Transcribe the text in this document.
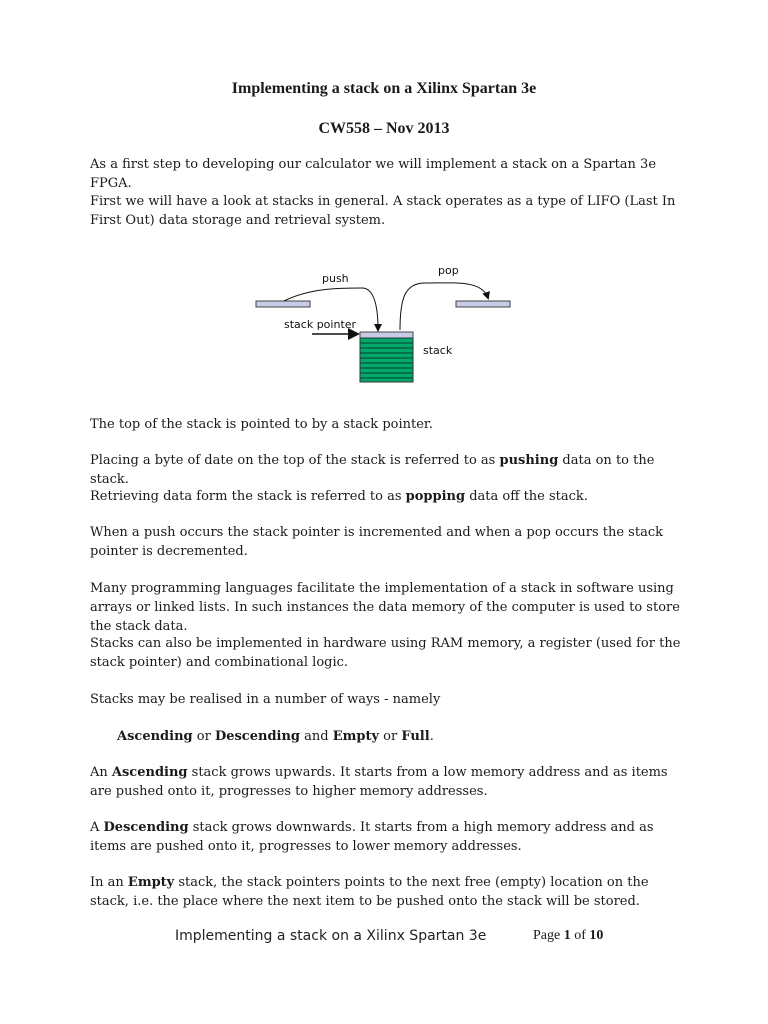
Implementing a stack on a Xilinx Spartan 3e
CW558 – Nov 2013

As a first step to developing our calculator we will implement a stack on a Spartan 3e FPGA.

First we will have a look at stacks in general. A stack operates as a type of LIFO (Last In First Out) data storage and retrieval system.

push
pop
stack pointer
stack

The top of the stack is pointed to by a stack pointer.

Placing a byte of date on the top of the stack is referred to as pushing data on to the stack.

Retrieving data form the stack is referred to as popping data off the stack.

When a push occurs the stack pointer is incremented and when a pop occurs the stack pointer is decremented.

Many programming languages facilitate the implementation of a stack in software using arrays or linked lists. In such instances the data memory of the computer is used to store the stack data.

Stacks can also be implemented in hardware using RAM memory, a register (used for the stack pointer) and combinational logic.

Stacks may be realised in a number of ways - namely

Ascending or Descending and Empty or Full.

An Ascending stack grows upwards. It starts from a low memory address and as items are pushed onto it, progresses to higher memory addresses.

A Descending stack grows downwards. It starts from a high memory address and as items are pushed onto it, progresses to lower memory addresses.

In an Empty stack, the stack pointers points to the next free (empty) location on the stack, i.e. the place where the next item to be pushed onto the stack will be stored.

Implementing a stack on a Xilinx Spartan 3e	Page 1 of 10
